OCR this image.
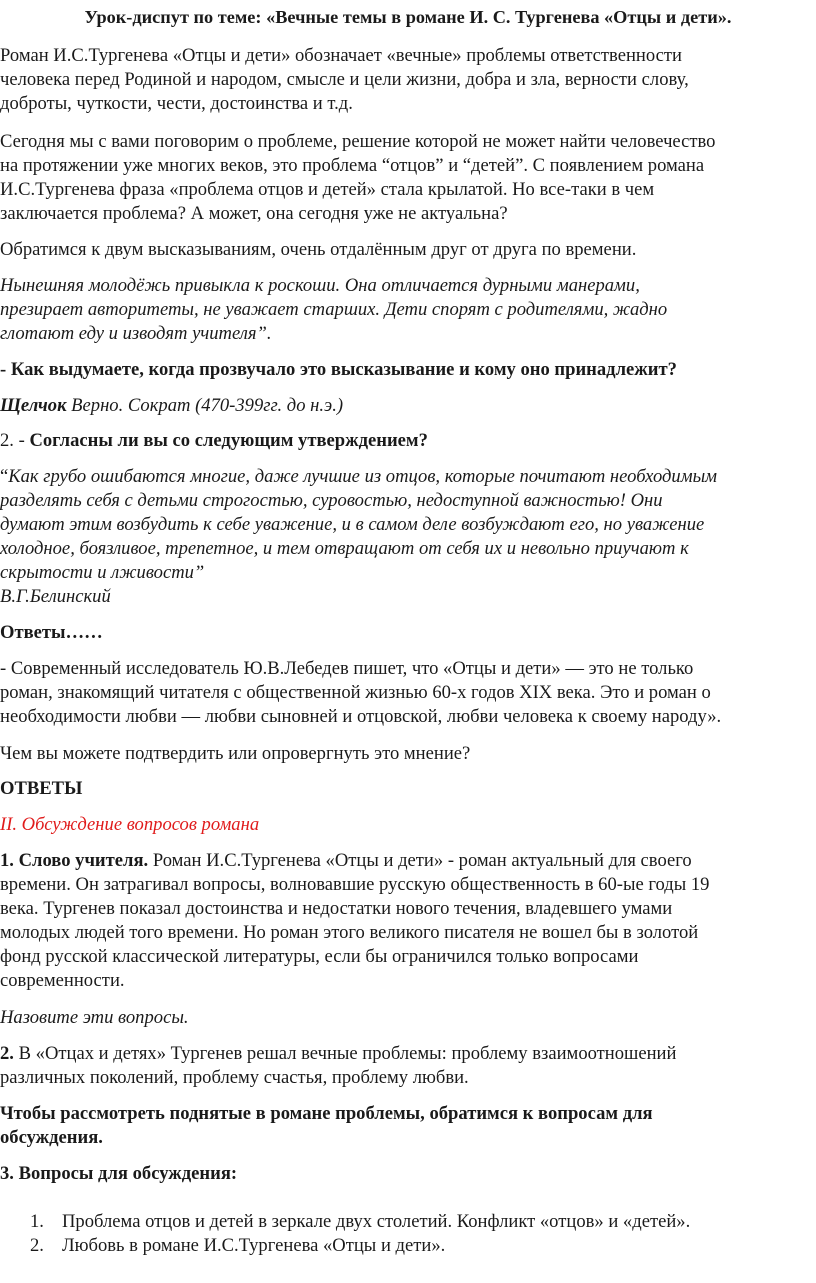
Урок-диспут по теме: «Вечные темы в романе И. С. Тургенева «Отцы и дети».

Роман И.С.Тургенева «Отцы и дети» обозначает «вечные» проблемы ответственности
человека перед Родиной и народом, смысле и цели жизни, добра и зла, верности слову,
доброты, чуткости, чести, достоинства и т.д.

Сегодня мы с вами поговорим о проблеме, решение которой не может найти человечество
на протяжении уже многих веков, это проблема “отцов” и “детей”. С появлением романа
И.С.Тургенева фраза «проблема отцов и детей» стала крылатой. Но все-таки в чем
заключается проблема? А может, она сегодня уже не актуальна?

Обратимся к двум высказываниям, очень отдалённым друг от друга по времени.

Нынешняя молодёжь привыкла к роскоши. Она отличается дурными манерами,
презирает авторитеты, не уважает старших. Дети спорят с родителями, жадно
глотают еду и изводят учителя”.

- Как выдумаете, когда прозвучало это высказывание и кому оно принадлежит?

Щелчок Верно. Сократ (470-399гг. до н.э.)

2. - Согласны ли вы со следующим утверждением?

“Как грубо ошибаются многие, даже лучшие из отцов, которые почитают необходимым
разделять себя с детьми строгостью, суровостью, недоступной важностью! Они
думают этим возбудить к себе уважение, и в самом деле возбуждают его, но уважение
холодное, боязливое, трепетное, и тем отвращают от себя их и невольно приучают к
скрытости и лживости”
В.Г.Белинский

Ответы……

- Современный исследователь Ю.В.Лебедев пишет, что «Отцы и дети» — это не только
роман, знакомящий читателя с общественной жизнью 60-х годов XIX века. Это и роман о
необходимости любви — любви сыновней и отцовской, любви человека к своему народу».

Чем вы можете подтвердить или опровергнуть это мнение?

ОТВЕТЫ

II. Обсуждение вопросов романа

1. Слово учителя. Роман И.С.Тургенева «Отцы и дети» - роман актуальный для своего
времени. Он затрагивал вопросы, волновавшие русскую общественность в 60-ые годы 19
века. Тургенев показал достоинства и недостатки нового течения, владевшего умами
молодых людей того времени. Но роман этого великого писателя не вошел бы в золотой
фонд русской классической литературы, если бы ограничился только вопросами
современности.

Назовите эти вопросы.

2. В «Отцах и детях» Тургенев решал вечные проблемы: проблему взаимоотношений
различных поколений, проблему счастья, проблему любви.

Чтобы рассмотреть поднятые в романе проблемы, обратимся к вопросам для
обсуждения.

3. Вопросы для обсуждения:

1. Проблема отцов и детей в зеркале двух столетий. Конфликт «отцов» и «детей».
2. Любовь в романе И.С.Тургенева «Отцы и дети».
